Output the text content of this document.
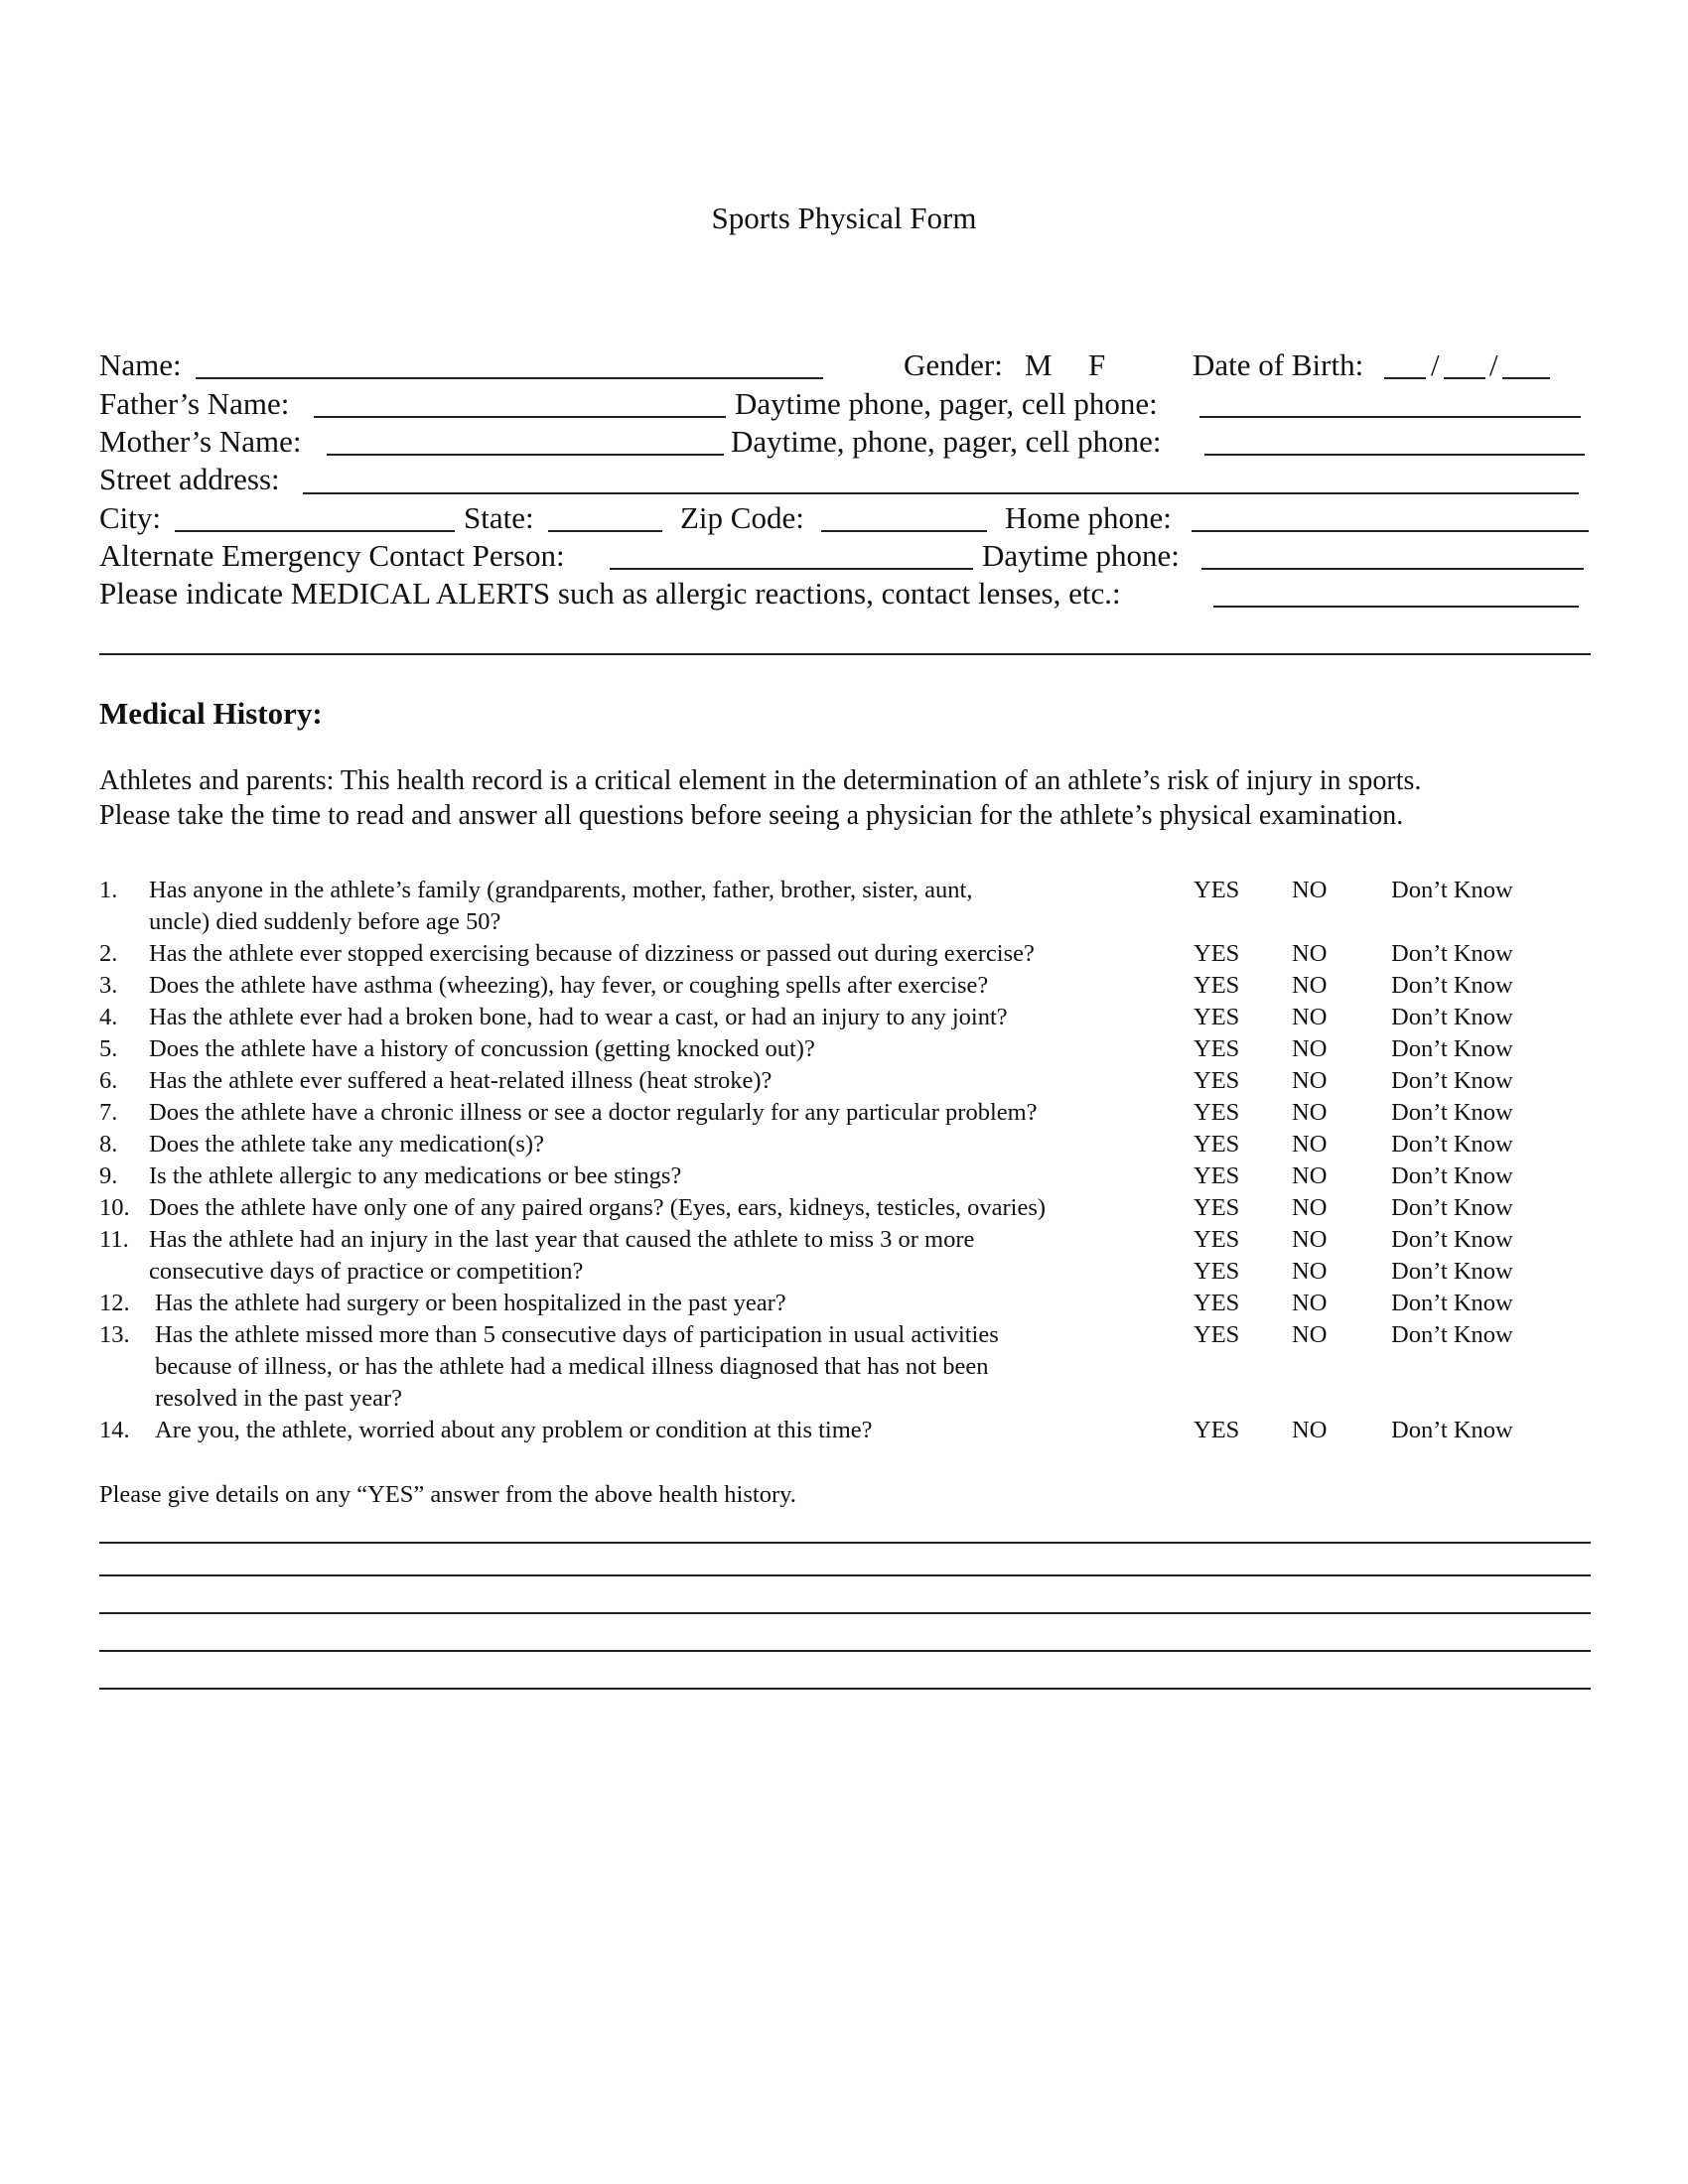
Sports Physical Form
Name:	Gender: M F	Date of Birth: / /
Father’s Name:	Daytime phone, pager, cell phone:
Mother’s Name:	Daytime, phone, pager, cell phone:
Street address:
City:	State:	Zip Code:	Home phone:
Alternate Emergency Contact Person:	Daytime phone:
Please indicate MEDICAL ALERTS such as allergic reactions, contact lenses, etc.:
Medical History:
Athletes and parents: This health record is a critical element in the determination of an athlete’s risk of injury in sports.
Please take the time to read and answer all questions before seeing a physician for the athlete’s physical examination.
1. Has anyone in the athlete’s family (grandparents, mother, father, brother, sister, aunt,
uncle) died suddenly before age 50?
YES NO	Don’t Know
2. Has the athlete ever stopped exercising because of dizziness or passed out during exercise?	YES NO	Don’t Know
3. Does the athlete have asthma (wheezing), hay fever, or coughing spells after exercise?	YES NO	Don’t Know
4. Has the athlete ever had a broken bone, had to wear a cast, or had an injury to any joint?	YES NO	Don’t Know
5. Does the athlete have a history of concussion (getting knocked out)?	YES NO	Don’t Know
6. Has the athlete ever suffered a heat-related illness (heat stroke)?	YES NO	Don’t Know
7. Does the athlete have a chronic illness or see a doctor regularly for any particular problem?	YES NO	Don’t Know
8. Does the athlete take any medication(s)?	YES NO	Don’t Know
9. Is the athlete allergic to any medications or bee stings?	YES NO	Don’t Know
10. Does the athlete have only one of any paired organs? (Eyes, ears, kidneys, testicles, ovaries)	YES NO	Don’t Know
11. Has the athlete had an injury in the last year that caused the athlete to miss 3 or more
consecutive days of practice or competition?
YES NO	Don’t Know
YES NO	Don’t Know
12. Has the athlete had surgery or been hospitalized in the past year?	YES NO	Don’t Know
13. Has the athlete missed more than 5 consecutive days of participation in usual activities
because of illness, or has the athlete had a medical illness diagnosed that has not been
resolved in the past year?
YES NO	Don’t Know
14. Are you, the athlete, worried about any problem or condition at this time?	YES NO	Don’t Know
Please give details on any “YES” answer from the above health history.
